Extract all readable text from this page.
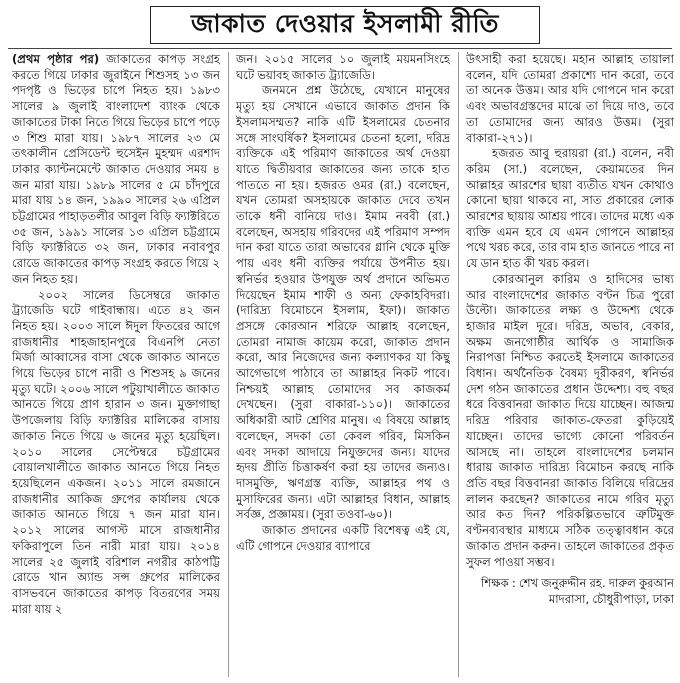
জাকাত দেওয়ার ইসলামী রীতি

(প্রথম পৃষ্ঠার পর) জাকাতের কাপড় সংগ্রহ করতে গিয়ে ঢাকার জুরাইনে শিশুসহ ১৩ জন পদপৃষ্ট ও ভিড়ের চাপে নিহত হয়। ১৯৮৩ সালের ৯ জুলাই বাংলাদেশ ব্যাংক থেকে জাকাতের টাকা নিতে গিয়ে ভিড়ের চাপে পড়ে ৩ শিশু মারা যায়। ১৯৮৭ সালের ২৩ মে তৎকালীন প্রেসিডেন্ট হুসেইন মুহম্মদ এরশাদ ঢাকার ক্যান্টনমেন্টে জাকাত দেওয়ার সময় ৪ জন মারা যায়। ১৯৮৯ সালের ৫ মে চাঁদপুরে মারা যায় ১৪ জন, ১৯৯০ সালের ২৬ এপ্রিল চট্টগ্রামের পাহাড়তলীর আবুল বিড়ি ফ্যাক্টরিতে ৩৫ জন, ১৯৯১ সালের ১৩ এপ্রিল চট্টগ্রামে বিড়ি ফ্যাক্টরিতে ৩২ জন, ঢাকার নবাবপুর রোডে জাকাতের কাপড় সংগ্রহ করতে গিয়ে ২ জন নিহত হয়।

২০০২ সালের ডিসেম্বরে জাকাত ট্র্যাজেডি ঘটে গাইবান্ধায়। এতে ৪২ জন নিহত হয়। ২০০৩ সালে ঈদুল ফিতরের আগে রাজধানীর শাহজাহানপুরে বিএনপি নেতা মির্জা আব্বাসের বাসা থেকে জাকাত আনতে গিয়ে ভিড়ের চাপে নারী ও শিশুসহ ৯ জনের মৃত্যু ঘটে। ২০০৬ সালে পটুয়াখালীতে জাকাত আনতে গিয়ে প্রাণ হারান ৩ জন। মুক্তাগাছা উপজেলায় বিড়ি ফ্যাক্টরির মালিকের বাসায় জাকাত নিতে গিয়ে ৬ জনের মৃত্যু হয়েছিল। ২০১০ সালের সেপ্টেম্বরে চট্টগ্রামের বোয়ালখালীতে জাকাত আনতে গিয়ে নিহত হয়েছিলেন একজন। ২০১১ সালে রমজানে রাজধানীর আকিজ গ্রুপের কার্যালয় থেকে জাকাত আনতে গিয়ে ৭ জন মারা যান। ২০১২ সালের আগস্ট মাসে রাজধানীর ফকিরাপুলে তিন নারী মারা যায়। ২০১৪ সালের ২৫ জুলাই বরিশাল নগরীর কাঠপট্টি রোডে খান অ্যান্ড সন্স গ্রুপের মালিকের বাসভবনে জাকাতের কাপড় বিতরণের সময় মারা যায় ২

জন। ২০১৫ সালের ১০ জুলাই ময়মনসিংহে ঘটে ভয়াবহ জাকাত ট্র্যাজেডি।

জনমনে প্রশ্ন উঠেছে, যেখানে মানুষের মৃত্যু হয় সেখানে এভাবে জাকাত প্রদান কি ইসলামসম্মত? নাকি এটি ইসলামের চেতনার সঙ্গে সাংঘর্ষিক? ইসলামের চেতনা হলো, দরিদ্র ব্যক্তিকে এই পরিমাণ জাকাতের অর্থ দেওয়া যাতে দ্বিতীয়বার জাকাতের জন্য তাকে হাত পাততে না হয়। হজরত ওমর (রা.) বলেছেন, যখন তোমরা অসহায়কে জাকাত দেবে তখন তাকে ধনী বানিয়ে দাও। ইমাম নববী (রা.) বলেছেন, অসহায় গরিবদের এই পরিমাণ সম্পদ দান করা যাতে তারা অভাবের গ্লানি থেকে মুক্তি পায় এবং ধনী ব্যক্তির পর্যায়ে উপনীত হয়। স্বনির্ভর হওয়ার উপযুক্ত অর্থ প্রদানে অভিমত দিয়েছেন ইমাম শাফী ও অন্য ফেকাহবিদরা। (দারিদ্র্য বিমোচনে ইসলাম, ইফা)। জাকাত প্রসঙ্গে কোরআন শরিফে আল্লাহ বলেছেন, তোমরা নামাজ কায়েম করো, জাকাত প্রদান করো, আর নিজেদের জন্য কল্যাণকর যা কিছু আগেভাগে পাঠাবে তা আল্লাহর নিকট পাবে। নিশ্চয়ই আল্লাহ তোমাদের সব কাজকর্ম দেখছেন। (সুরা বাকারা-১১০)। জাকাতের অধিকারী আট শ্রেণির মানুষ। এ বিষয়ে আল্লাহ বলেছেন, সদকা তো কেবল গরিব, মিসকিন এবং সদকা আদায়ে নিযুক্তদের জন্য। যাদের হৃদয় প্রীতি চিত্তাকর্ষণ করা হয় তাদের জন্যও। দাসমুক্তি, ঋণগ্রস্ত ব্যক্তি, আল্লাহর পথ ও মুসাফিরের জন্য। এটা আল্লাহর বিধান, আল্লাহ সর্বজ্ঞ, প্রজ্ঞাময়। (সুরা তওবা-৬০)।

জাকাত প্রদানের একটি বিশেষত্ব এই যে, এটি গোপনে দেওয়ার ব্যাপারে

উৎসাহী করা হয়েছে। মহান আল্লাহ তায়ালা বলেন, যদি তোমরা প্রকাশ্যে দান করো, তবে তা অনেক উত্তম। আর যদি গোপনে দান করো এবং অভাবগ্রস্তদের মাঝে তা দিয়ে দাও, তবে তা তোমাদের জন্য আরও উত্তম। (সুরা বাকারা-২৭১)।

হজরত আবু হুরায়রা (রা.) বলেন, নবী করিম (সা.) বলেছেন, কেয়ামতের দিন আল্লাহর আরশের ছায়া ব্যতীত যখন কোথাও কোনো ছায়া থাকবে না, সাত প্রকারের লোক আরশের ছায়ায় আশ্রয় পাবে। তাদের মধ্যে এক ব্যক্তি এমন হবে যে এমন গোপনে আল্লাহর পথে খরচ করে, তার বাম হাত জানতে পারে না যে ডান হাত কী খরচ করল।

কোরআনুল কারিম ও হাদিসের ভাষ্য আর বাংলাদেশের জাকাত বণ্টন চিত্র পুরো উল্টো। জাকাতের লক্ষ্য ও উদ্দেশ্য থেকে হাজার মাইল দূরে। দরিদ্র, অভাব, বেকার, অক্ষম জনগোষ্ঠীর আর্থিক ও সামাজিক নিরাপত্তা নিশ্চিত করতেই ইসলামে জাকাতের বিধান। অর্থনৈতিক বৈষম্য দূরীকরণ, স্বনির্ভর দেশ গঠন জাকাতের প্রধান উদ্দেশ্য। বহু বছর ধরে বিত্তবানরা জাকাত দিয়ে যাচ্ছেন। আজন্ম দরিদ্র পরিবার জাকাত-ফেতরা কুড়িয়েই যাচ্ছেন। তাদের ভাগ্যে কোনো পরিবর্তন আসছে না। তাহলে বাংলাদেশের চলমান ধারায় জাকাত দারিদ্র্য বিমোচন করছে নাকি প্রতি বছর বিত্তবানরা জাকাত বিলিয়ে দরিদ্রের লালন করছেন? জাকাতের নামে গরিব মৃত্যু আর কত দিন? পরিকল্পিতভাবে ত্রুটিমুক্ত বণ্টনব্যবস্থার মাধ্যমে সঠিক তত্ত্বাবধান করে জাকাত প্রদান করুন। তাহলে জাকাতের প্রকৃত সুফল পাওয়া সম্ভব।

শিক্ষক : শেখ জনুরুদ্দীন রহ. দারুল কুরআন মাদরাসা, চৌধুরীপাড়া, ঢাকা
